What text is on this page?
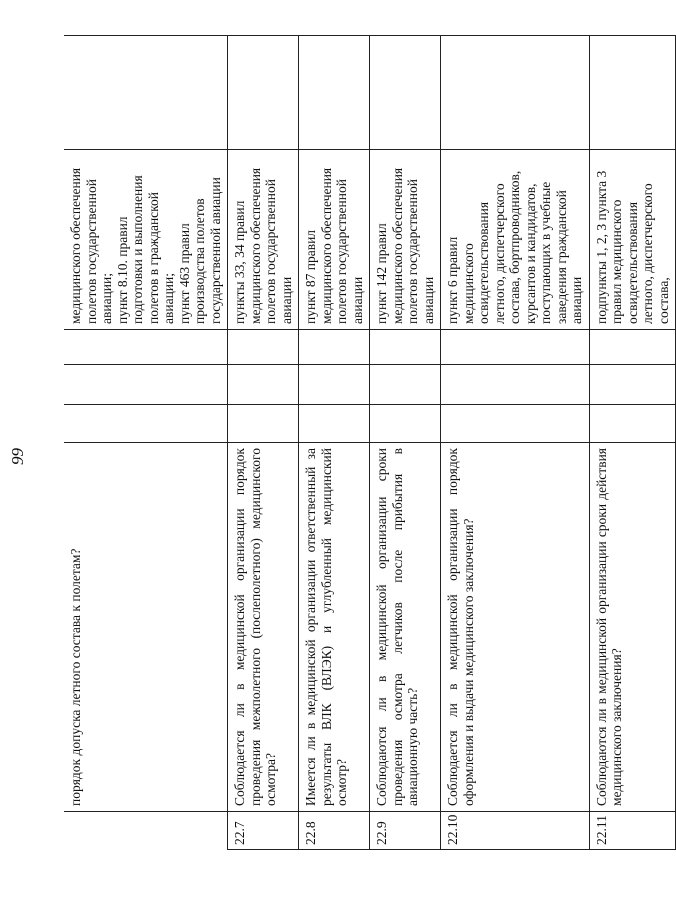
99
	порядок допуска летного состава к полетам?				медицинского обеспечения полетов государственной авиации;
пункт 8.10. правил подготовки и выполнения полетов в гражданской авиации;
пункт 463 правил производства полетов государственной авиации	
22.7	Соблюдается ли в медицинской организации порядок проведения межполетного (послеполетного) медицинского осмотра?				пункты 33, 34 правил медицинского обеспечения полетов государственной авиации	
22.8	Имеется ли в медицинской организации ответственный за результаты ВЛК (ВЛЭК) и углубленный медицинский осмотр?				пункт 87 правил медицинского обеспечения полетов государственной авиации	
22.9	Соблюдаются ли в медицинской организации сроки проведения осмотра летчиков после прибытия в авиационную часть?				пункт 142 правил медицинского обеспечения полетов государственной авиации	
22.10	Соблюдается ли в медицинской организации порядок оформления и выдачи медицинского заключения?				пункт 6 правил медицинского освидетельствования летного, диспетчерского состава, бортпроводников, курсантов и кандидатов, поступающих в учебные заведения гражданской авиации	
22.11	Соблюдаются ли в медицинской организации сроки действия медицинского заключения?				подпункты 1, 2, 3 пункта 3 правил медицинского освидетельствования летного, диспетчерского состава,	
